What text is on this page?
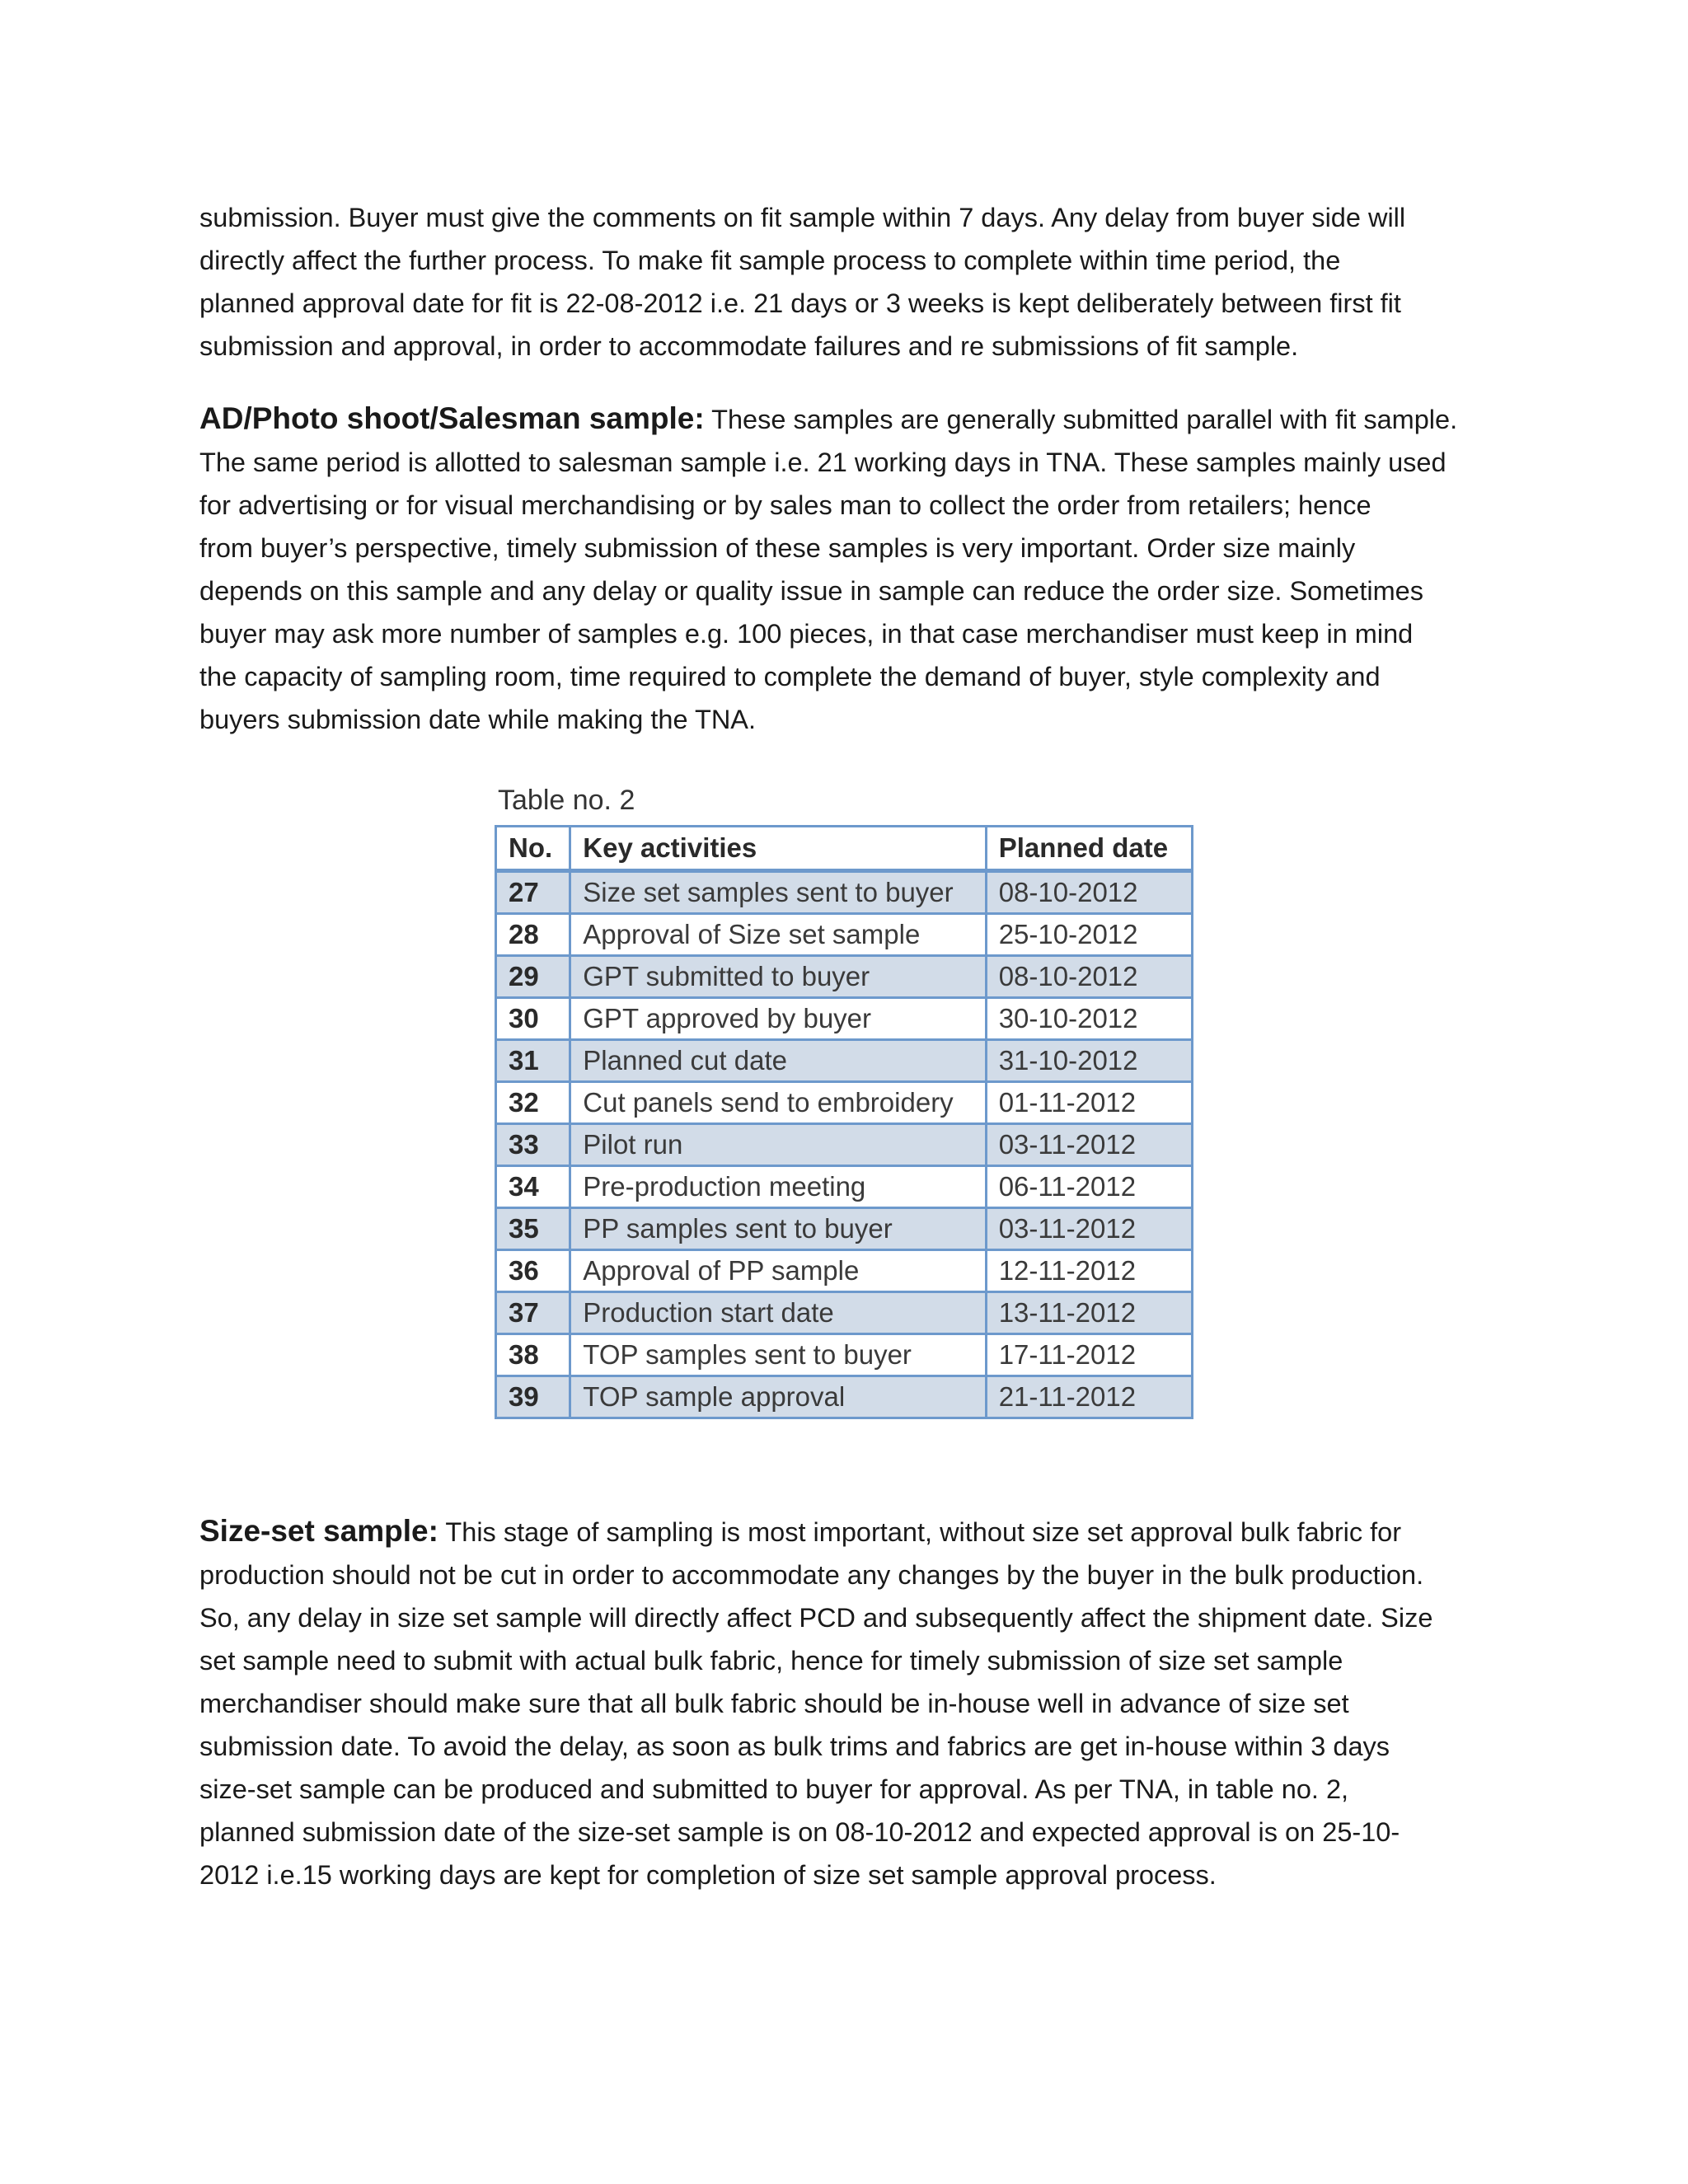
submission. Buyer must give the comments on fit sample within 7 days. Any delay from buyer side will
directly affect the further process. To make fit sample process to complete within time period, the
planned approval date for fit is 22-08-2012 i.e. 21 days or 3 weeks is kept deliberately between first fit
submission and approval, in order to accommodate failures and re submissions of fit sample.

AD/Photo shoot/Salesman sample: These samples are generally submitted parallel with fit sample.
The same period is allotted to salesman sample i.e. 21 working days in TNA. These samples mainly used
for advertising or for visual merchandising or by sales man to collect the order from retailers; hence
from buyer’s perspective, timely submission of these samples is very important. Order size mainly
depends on this sample and any delay or quality issue in sample can reduce the order size. Sometimes
buyer may ask more number of samples e.g. 100 pieces, in that case merchandiser must keep in mind
the capacity of sampling room, time required to complete the demand of buyer, style complexity and
buyers submission date while making the TNA.

Table no. 2
No.	Key activities	Planned date
27	Size set samples sent to buyer	08-10-2012
28	Approval of Size set sample	25-10-2012
29	GPT submitted to buyer	08-10-2012
30	GPT approved by buyer	30-10-2012
31	Planned cut date	31-10-2012
32	Cut panels send to embroidery	01-11-2012
33	Pilot run	03-11-2012
34	Pre-production meeting	06-11-2012
35	PP samples sent to buyer	03-11-2012
36	Approval of PP sample	12-11-2012
37	Production start date	13-11-2012
38	TOP samples sent to buyer	17-11-2012
39	TOP sample approval	21-11-2012

Size-set sample: This stage of sampling is most important, without size set approval bulk fabric for
production should not be cut in order to accommodate any changes by the buyer in the bulk production.
So, any delay in size set sample will directly affect PCD and subsequently affect the shipment date. Size
set sample need to submit with actual bulk fabric, hence for timely submission of size set sample
merchandiser should make sure that all bulk fabric should be in-house well in advance of size set
submission date. To avoid the delay, as soon as bulk trims and fabrics are get in-house within 3 days
size-set sample can be produced and submitted to buyer for approval. As per TNA, in table no. 2,
planned submission date of the size-set sample is on 08-10-2012 and expected approval is on 25-10-
2012 i.e.15 working days are kept for completion of size set sample approval process.
